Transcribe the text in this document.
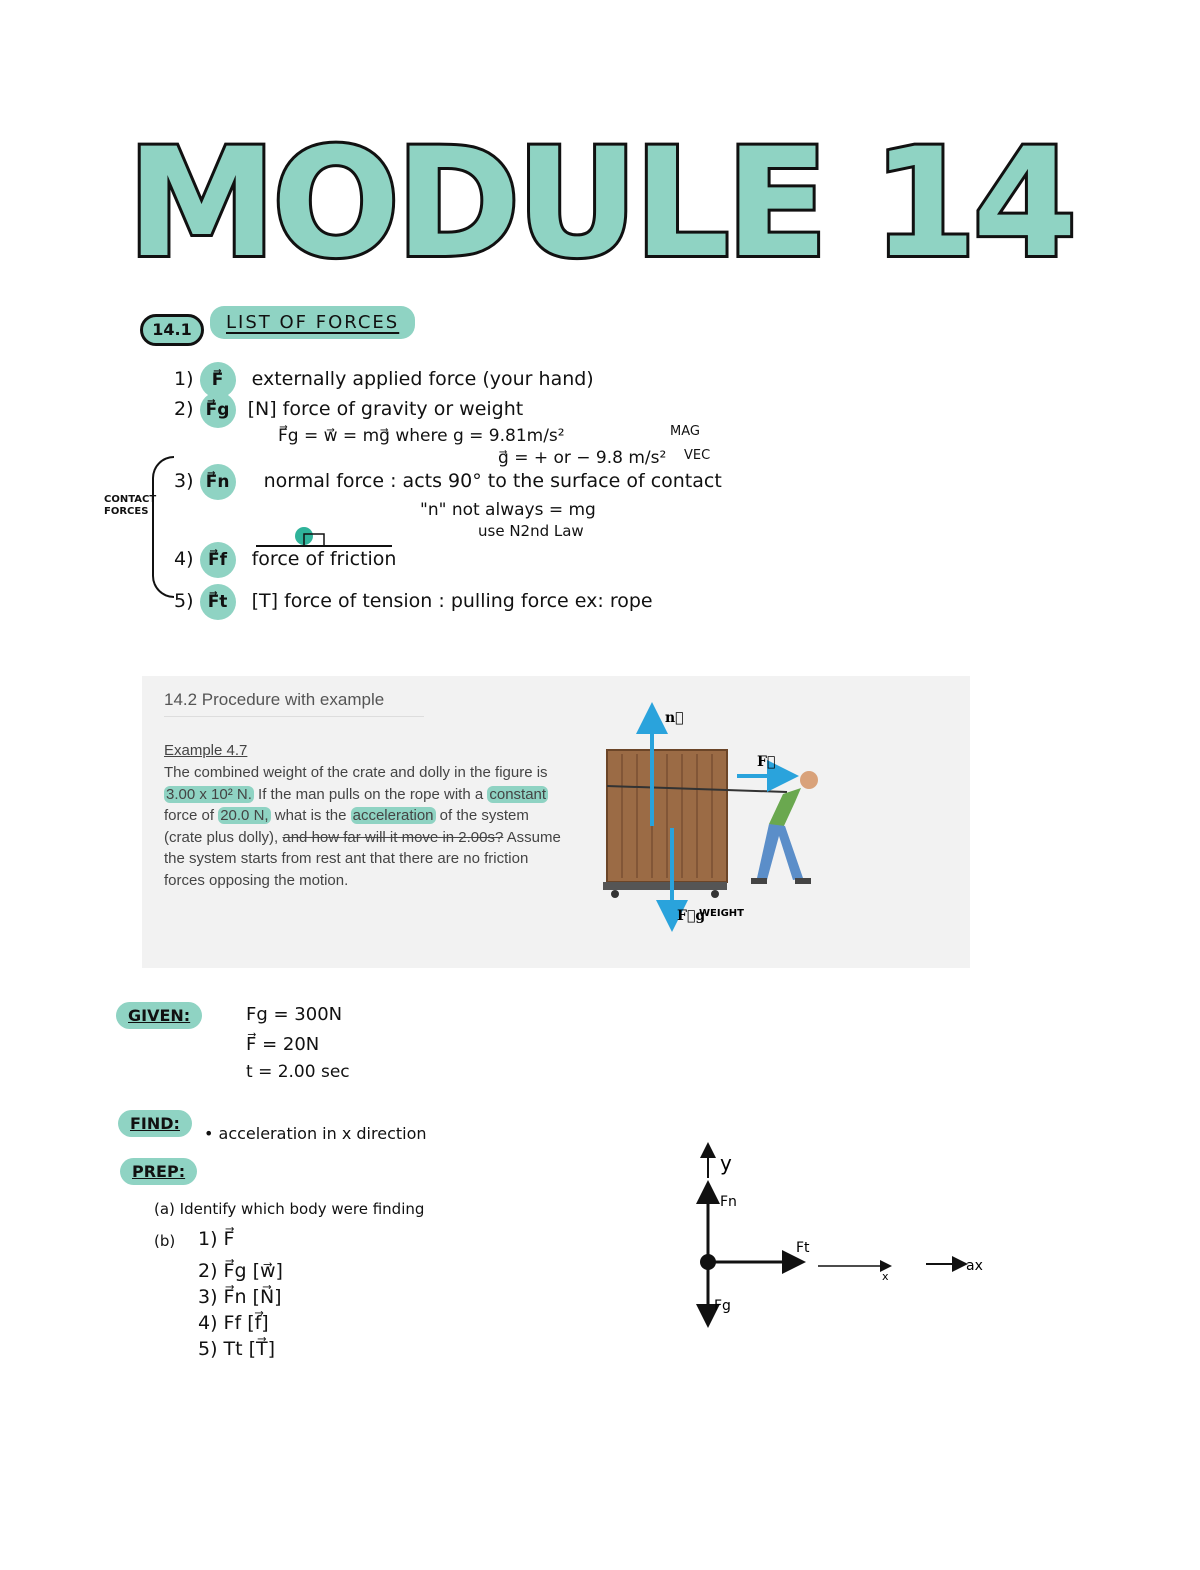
MODULE 14
14.1	LIST OF FORCES
1) F⃗ externally applied force (your hand)
2) F⃗g [N] force of gravity or weight
F⃗g = w⃗ = mg⃗ where g = 9.81m/s²	MAG
g⃗ = + or − 9.8 m/s² VEC
CONTACT FORCES
3) F⃗n normal force : acts 90° to the surface of contact
"n" not always = mg
use N2nd Law
4) F⃗f force of friction
5) F⃗t [T] force of tension : pulling force ex: rope
14.2 Procedure with example
Example 4.7
The combined weight of the crate and dolly in the figure is 3.00 x 10² N. If the man pulls on the rope with a constant force of 20.0 N, what is the acceleration of the system (crate plus dolly), and how far will it move in 2.00s? Assume the system starts from rest ant that there are no friction forces opposing the motion.
n⃗
F⃗
F⃗g
WEIGHT
GIVEN:	Fg = 300N
F⃗ = 20N
t = 2.00 sec
FIND:
• acceleration in x direction
PREP:
(a) Identify which body were finding
(b) 1) F⃗
2) F⃗g [w⃗]
3) F⃗n [N⃗]
4) Ff [f⃗]
5) Tt [T⃗]
y
Fn
Ft
Fg
x
ax
